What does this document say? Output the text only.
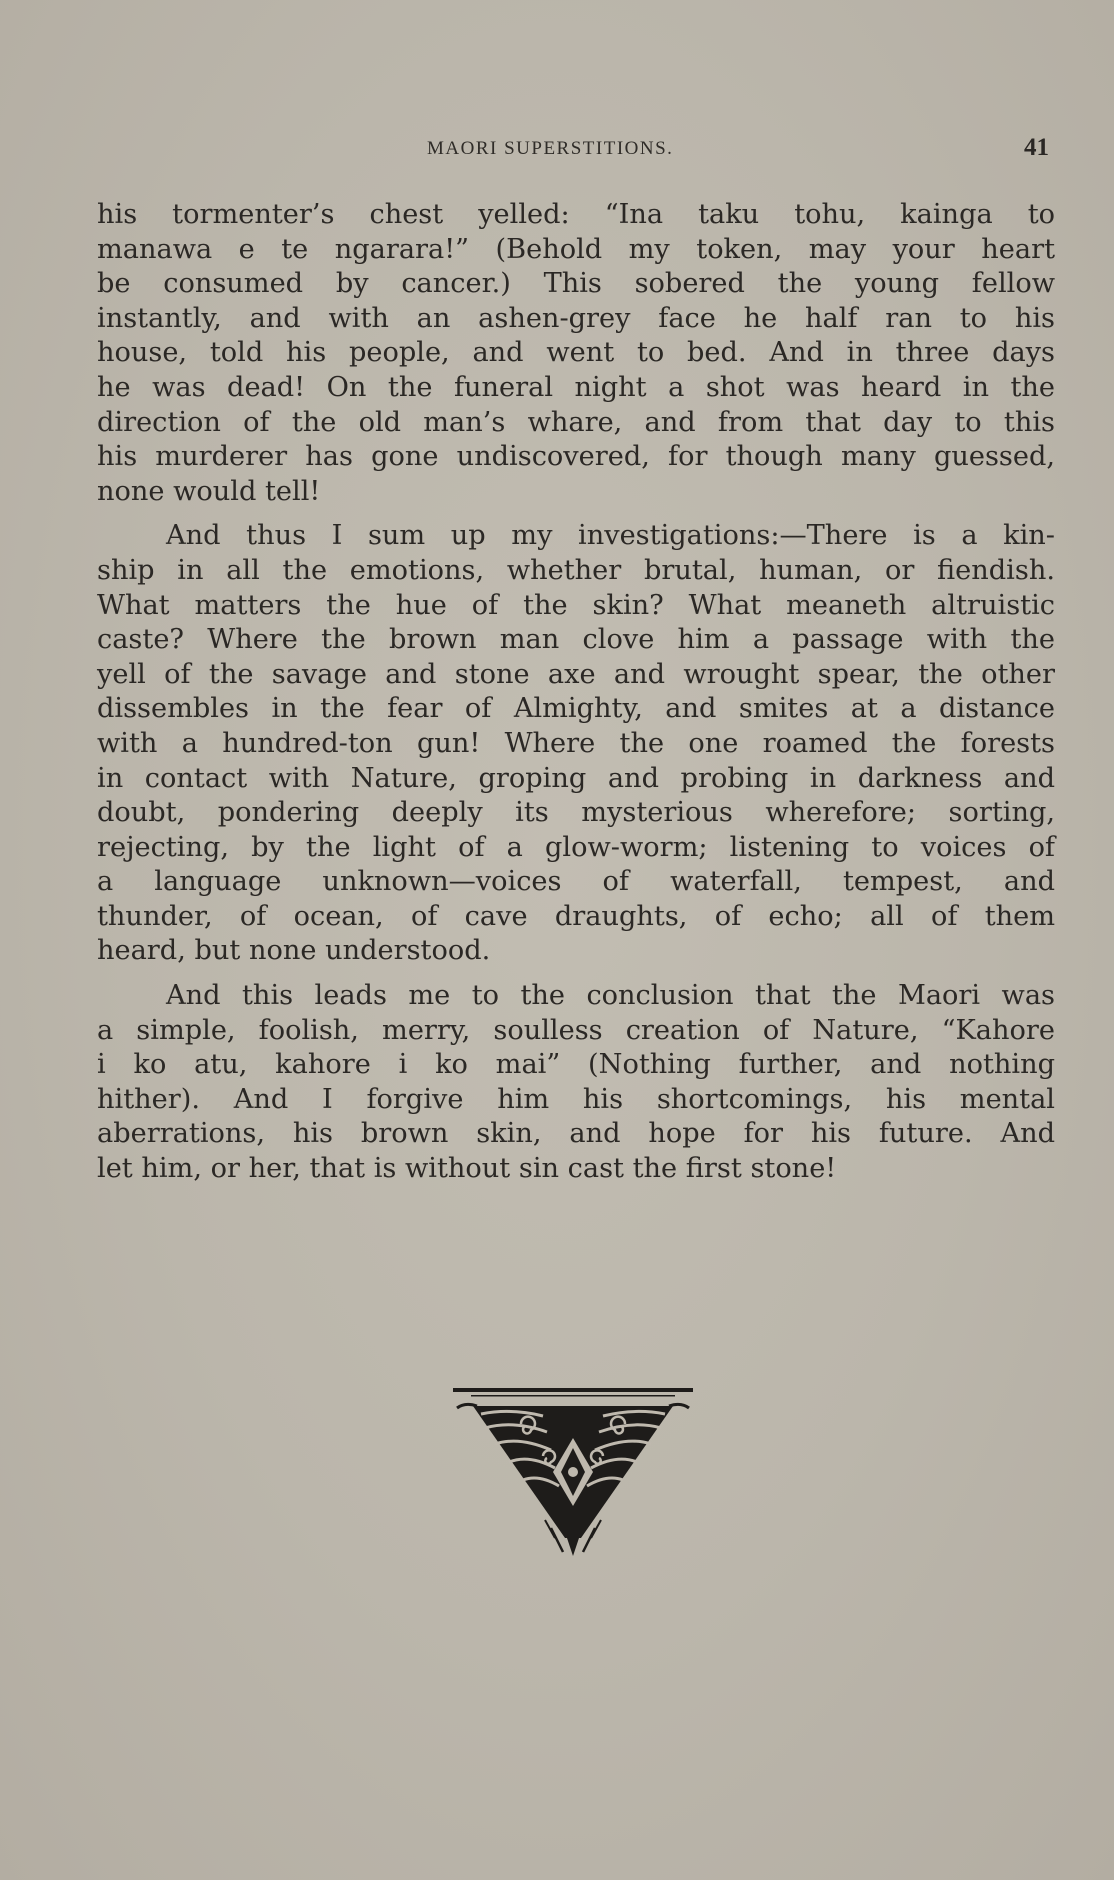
MAORI SUPERSTITIONS.	41

his tormenter’s chest yelled: “Ina taku tohu, kainga to
manawa e te ngarara!” (Behold my token, may your heart
be consumed by cancer.) This sobered the young fellow
instantly, and with an ashen-grey face he half ran to his
house, told his people, and went to bed. And in three days
he was dead! On the funeral night a shot was heard in the
direction of the old man’s whare, and from that day to this
his murderer has gone undiscovered, for though many guessed,
none would tell!

And thus I sum up my investigations:—There is a kin-
ship in all the emotions, whether brutal, human, or fiendish.
What matters the hue of the skin? What meaneth altruistic
caste? Where the brown man clove him a passage with the
yell of the savage and stone axe and wrought spear, the other
dissembles in the fear of Almighty, and smites at a distance
with a hundred-ton gun! Where the one roamed the forests
in contact with Nature, groping and probing in darkness and
doubt, pondering deeply its mysterious wherefore; sorting,
rejecting, by the light of a glow-worm; listening to voices of
a language unknown—voices of waterfall, tempest, and
thunder, of ocean, of cave draughts, of echo; all of them
heard, but none understood.

And this leads me to the conclusion that the Maori was
a simple, foolish, merry, soulless creation of Nature, “Kahore
i ko atu, kahore i ko mai” (Nothing further, and nothing
hither). And I forgive him his shortcomings, his mental
aberrations, his brown skin, and hope for his future. And
let him, or her, that is without sin cast the first stone!
